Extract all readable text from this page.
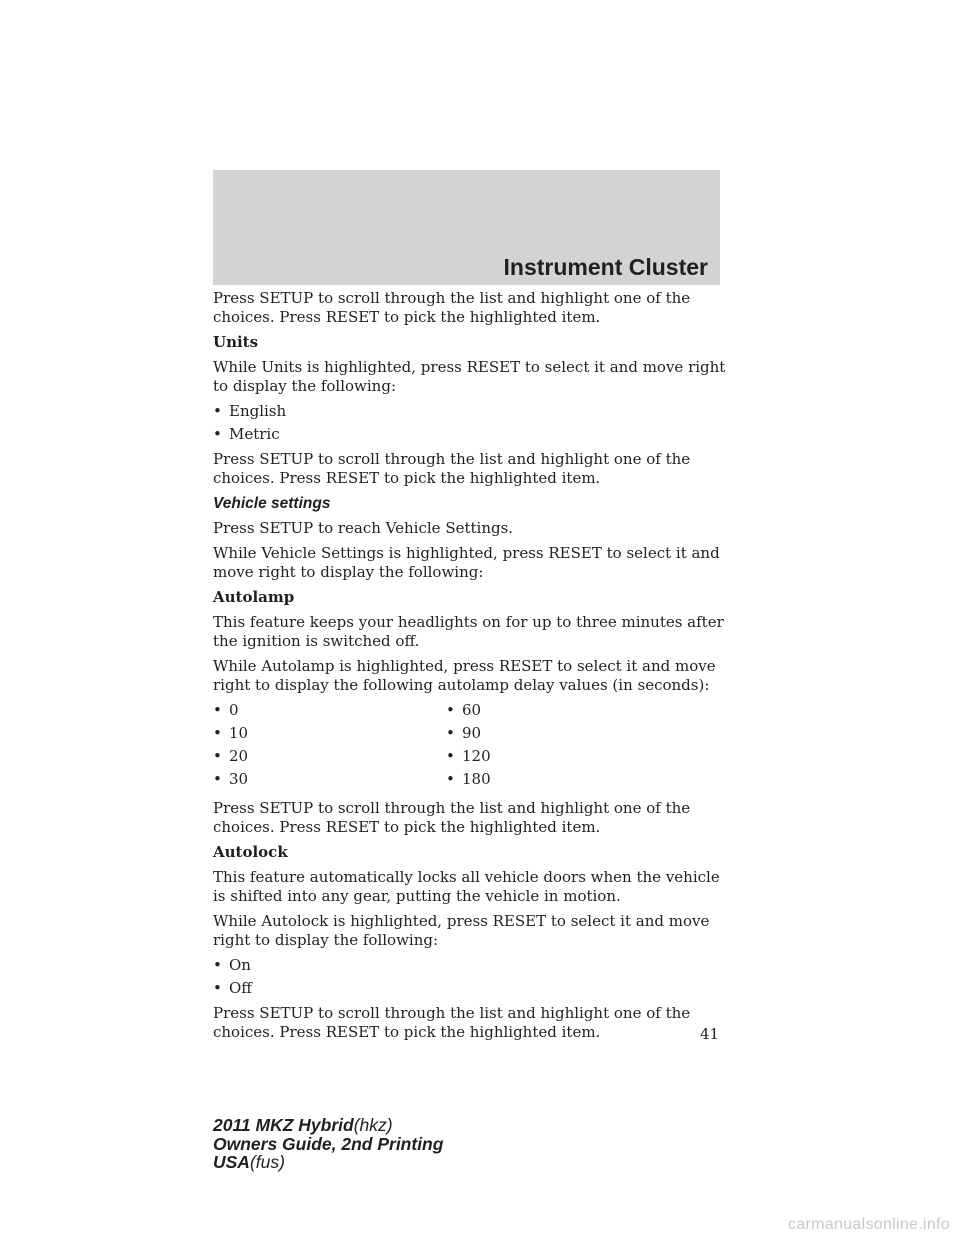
Instrument Cluster

Press SETUP to scroll through the list and highlight one of the choices. Press RESET to pick the highlighted item.

Units

While Units is highlighted, press RESET to select it and move right to display the following:

• English
• Metric

Press SETUP to scroll through the list and highlight one of the choices. Press RESET to pick the highlighted item.

Vehicle settings

Press SETUP to reach Vehicle Settings.

While Vehicle Settings is highlighted, press RESET to select it and move right to display the following:

Autolamp

This feature keeps your headlights on for up to three minutes after the ignition is switched off.

While Autolamp is highlighted, press RESET to select it and move right to display the following autolamp delay values (in seconds):

• 0
• 10
• 20
• 30
• 60
• 90
• 120
• 180

Press SETUP to scroll through the list and highlight one of the choices. Press RESET to pick the highlighted item.

Autolock

This feature automatically locks all vehicle doors when the vehicle is shifted into any gear, putting the vehicle in motion.

While Autolock is highlighted, press RESET to select it and move right to display the following:

• On
• Off

Press SETUP to scroll through the list and highlight one of the choices. Press RESET to pick the highlighted item.	41
2011 MKZ Hybrid(hkz)
Owners Guide, 2nd Printing
USA(fus)
carmanualsonline.info
